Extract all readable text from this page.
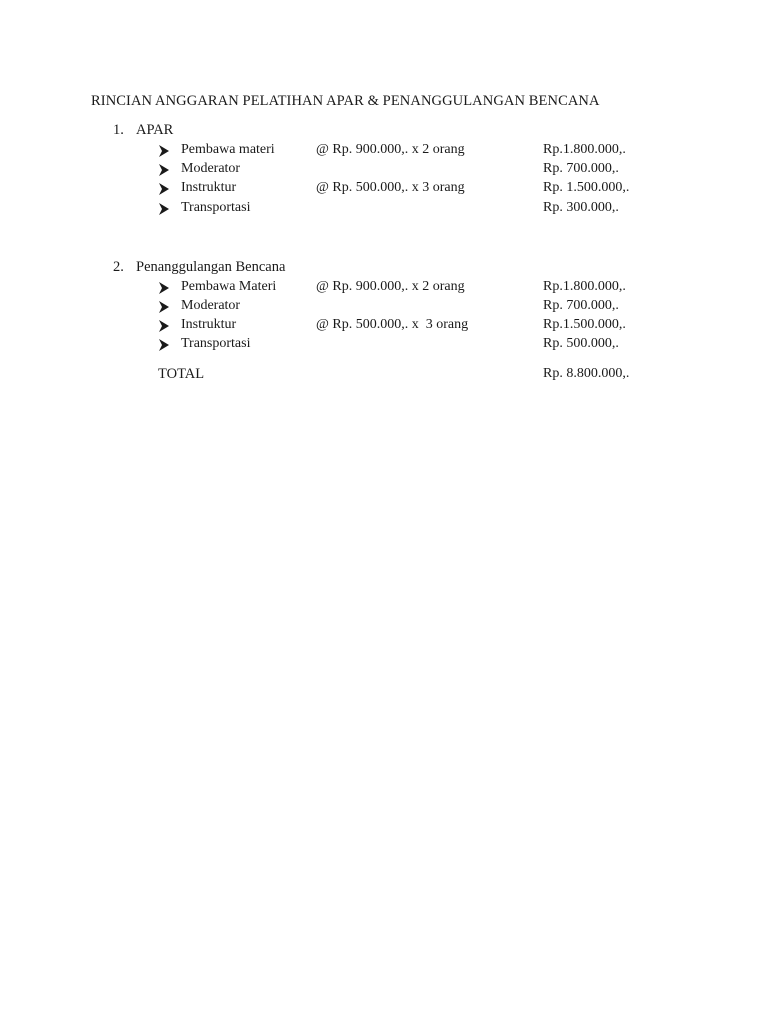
RINCIAN ANGGARAN PELATIHAN APAR & PENANGGULANGAN BENCANA
1. APAR
Pembawa materi	@ Rp. 900.000,. x 2 orang	Rp.1.800.000,.
Moderator	Rp. 700.000,.
Instruktur	@ Rp. 500.000,. x 3 orang	Rp. 1.500.000,.
Transportasi	Rp. 300.000,.
2. Penanggulangan Bencana
Pembawa Materi	@ Rp. 900.000,. x 2 orang	Rp.1.800.000,.
Moderator	Rp. 700.000,.
Instruktur	@ Rp. 500.000,. x  3 orang	Rp.1.500.000,.
Transportasi	Rp. 500.000,.
TOTAL	Rp. 8.800.000,.
